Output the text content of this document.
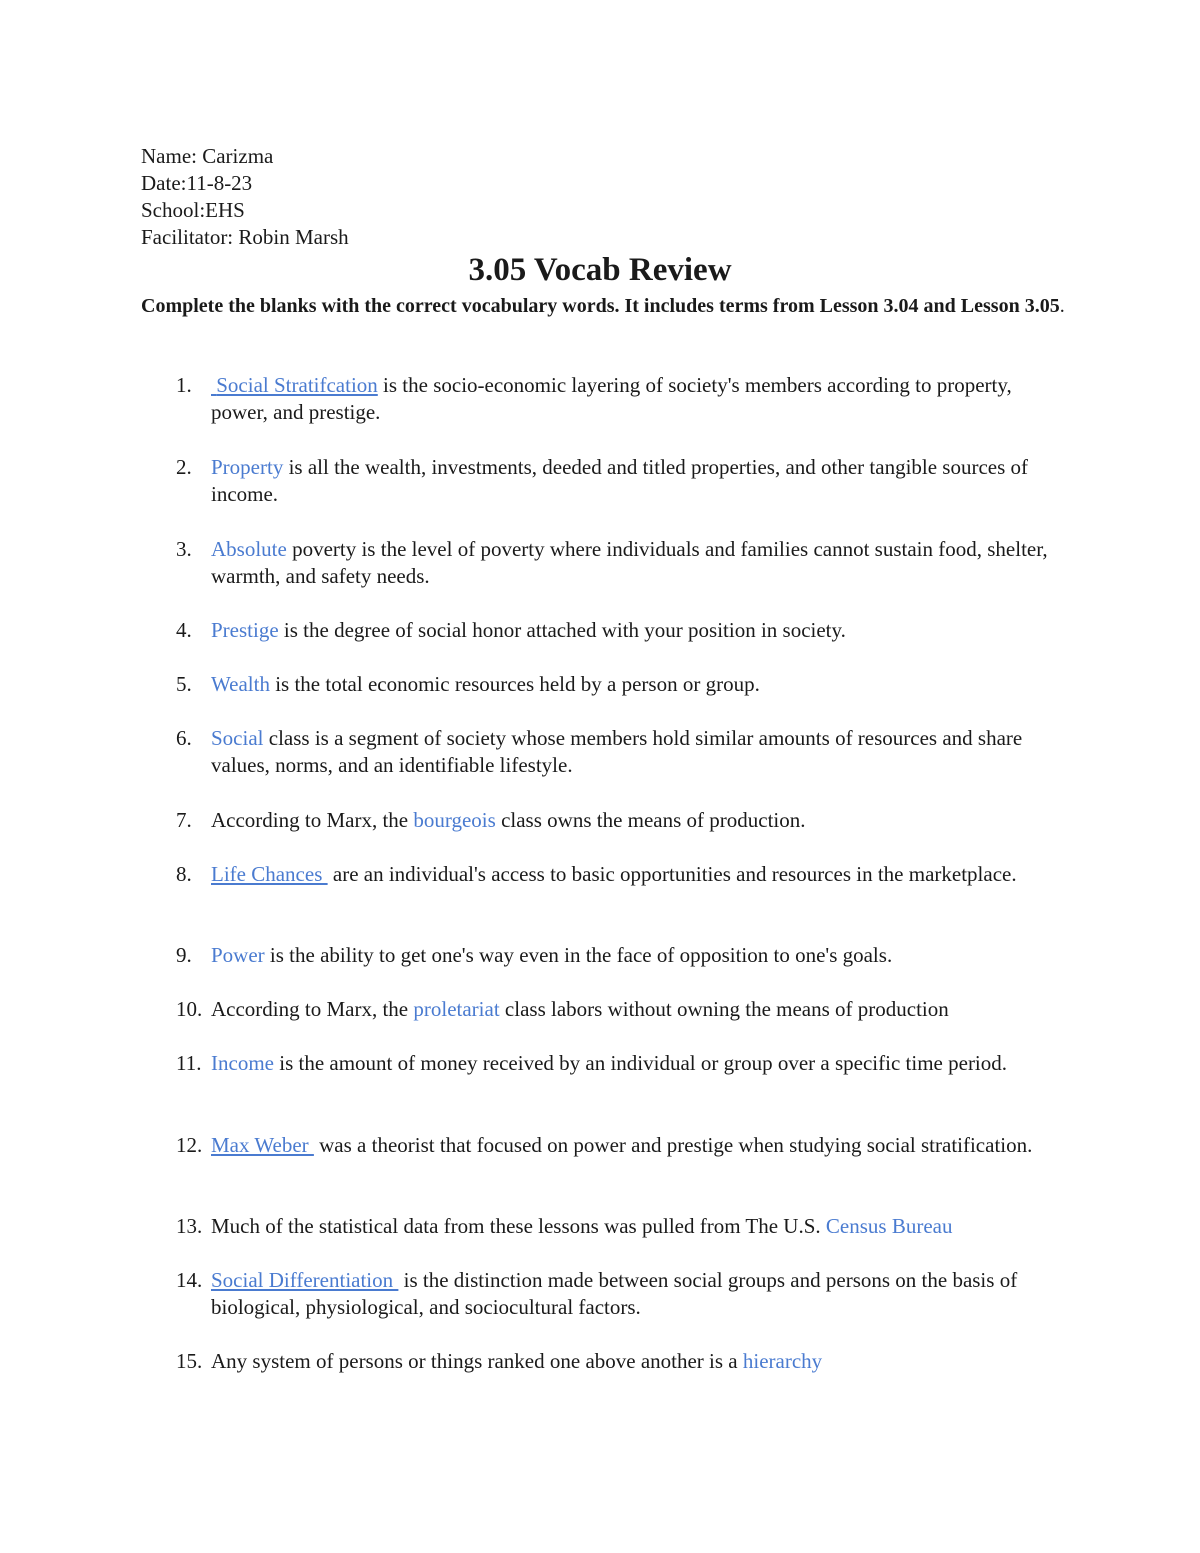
Name: Carizma
Date:11-8-23
School:EHS
Facilitator: Robin Marsh
3.05 Vocab Review
Complete the blanks with the correct vocabulary words. It includes terms from Lesson 3.04 and Lesson 3.05.
1. Social Stratifcation is the socio-economic layering of society's members according to property, power, and prestige.
2. Property is all the wealth, investments, deeded and titled properties, and other tangible sources of income.
3. Absolute poverty is the level of poverty where individuals and families cannot sustain food, shelter, warmth, and safety needs.
4. Prestige is the degree of social honor attached with your position in society.
5. Wealth is the total economic resources held by a person or group.
6. Social class is a segment of society whose members hold similar amounts of resources and share values, norms, and an identifiable lifestyle.
7. According to Marx, the bourgeois class owns the means of production.
8. Life Chances  are an individual's access to basic opportunities and resources in the marketplace.
9. Power is the ability to get one's way even in the face of opposition to one's goals.
10. According to Marx, the proletariat class labors without owning the means of production
11. Income is the amount of money received by an individual or group over a specific time period.
12. Max Weber  was a theorist that focused on power and prestige when studying social stratification.
13. Much of the statistical data from these lessons was pulled from The U.S. Census Bureau
14. Social Differentiation  is the distinction made between social groups and persons on the basis of biological, physiological, and sociocultural factors.
15. Any system of persons or things ranked one above another is a hierarchy
